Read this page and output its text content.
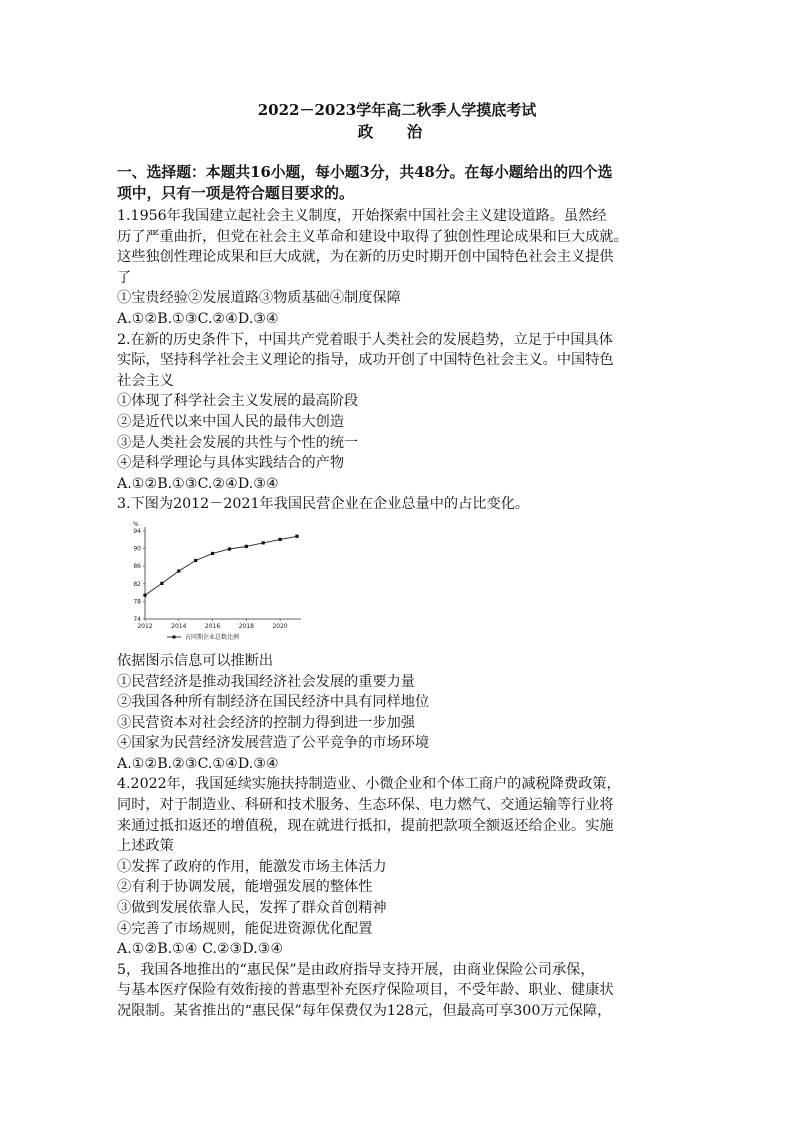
2022－2023学年高二秋季人学摸底考试
政 治
一、选择题：本题共16小题，每小题3分，共48分。在每小题给出的四个选
项中，只有一项是符合题目要求的。
1.1956年我国建立起社会主义制度，开始探索中国社会主义建设道路。虽然经
历了严重曲折，但党在社会主义革命和建设中取得了独创性理论成果和巨大成就。
这些独创性理论成果和巨大成就，为在新的历史时期开创中国特色社会主义提供
了
①宝贵经验②发展道路③物质基础④制度保障
A.①②B.①③C.②④D.③④
2.在新的历史条件下，中国共产党着眼于人类社会的发展趋势，立足于中国具体
实际，坚持科学社会主义理论的指导，成功开创了中国特色社会主义。中国特色
社会主义
①体现了科学社会主义发展的最高阶段
②是近代以来中国人民的最伟大创造
③是人类社会发展的共性与个性的统一
④是科学理论与具体实践结合的产物
A.①②B.①③C.②④D.③④
3.下图为2012－2021年我国民营企业在企业总量中的占比变化。
%
74
78
82
86
90
94
2012	2014	2016	2018	2020
占同期企业总数比例
依据图示信息可以推断出
①民营经济是推动我国经济社会发展的重要力量
②我国各种所有制经济在国民经济中具有同样地位
③民营资本对社会经济的控制力得到进一步加强
④国家为民营经济发展营造了公平竞争的市场环境
A.①②B.②③C.①④D.③④
4.2022年，我国延续实施扶持制造业、小微企业和个体工商户的减税降费政策，
同时，对于制造业、科研和技术服务、生态环保、电力燃气、交通运输等行业将
来通过抵扣返还的增值税，现在就进行抵扣，提前把款项全额返还给企业。实施
上述政策
①发挥了政府的作用，能激发市场主体活力
②有利于协调发展，能增强发展的整体性
③做到发展依靠人民，发挥了群众首创精神
④完善了市场规则，能促进资源优化配置
A.①②B.①④ C.②③D.③④
5，我国各地推出的“惠民保”是由政府指导支持开展，由商业保险公司承保，
与基本医疗保险有效衔接的普惠型补充医疗保险项目，不受年龄、职业、健康状
况限制。某省推出的“惠民保”每年保费仅为128元，但最高可享300万元保障，
